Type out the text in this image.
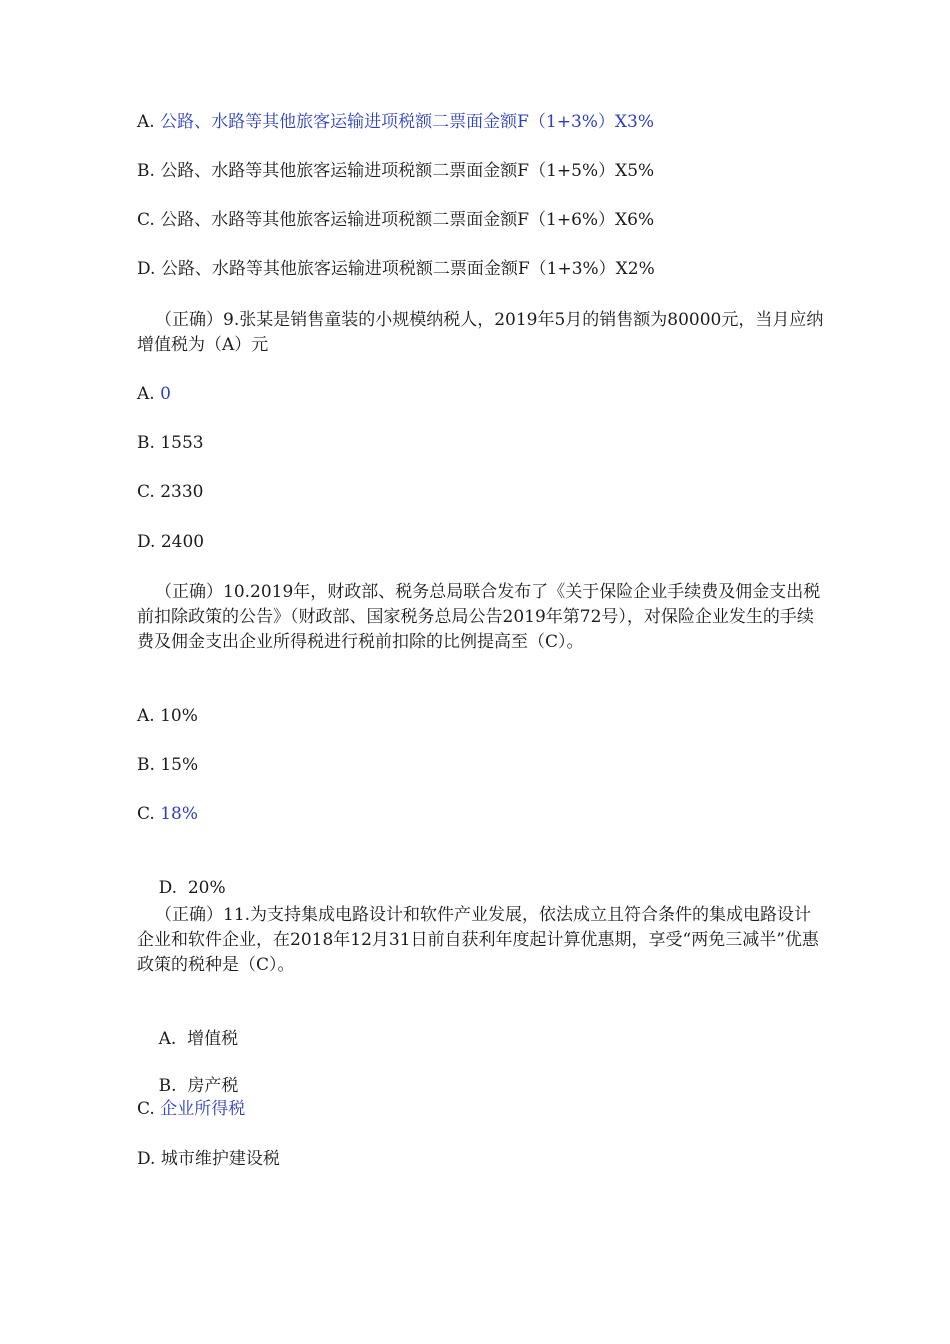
A. 公路、水路等其他旅客运输进项税额二票面金额F（1+3%）X3%
B. 公路、水路等其他旅客运输进项税额二票面金额F（1+5%）X5%
C. 公路、水路等其他旅客运输进项税额二票面金额F（1+6%）X6%
D. 公路、水路等其他旅客运输进项税额二票面金额F（1+3%）X2%
（正确）9.张某是销售童装的小规模纳税人，2019年5月的销售额为80000元，当月应纳增值税为（A）元
A. 0
B. 1553
C. 2330
D. 2400
（正确）10.2019年，财政部、税务总局联合发布了《关于保险企业手续费及佣金支出税前扣除政策的公告》（财政部、国家税务总局公告2019年第72号），对保险企业发生的手续费及佣金支出企业所得税进行税前扣除的比例提高至（C）。
A. 10%
B. 15%
C. 18%

D.  20%

（正确）11.为支持集成电路设计和软件产业发展，依法成立且符合条件的集成电路设计企业和软件企业，在2018年12月31日前自获利年度起计算优惠期，享受“两免三减半”优惠政策的税种是（C）。

A.  增值税

B.  房产税

C. 企业所得税
D. 城市维护建设税
